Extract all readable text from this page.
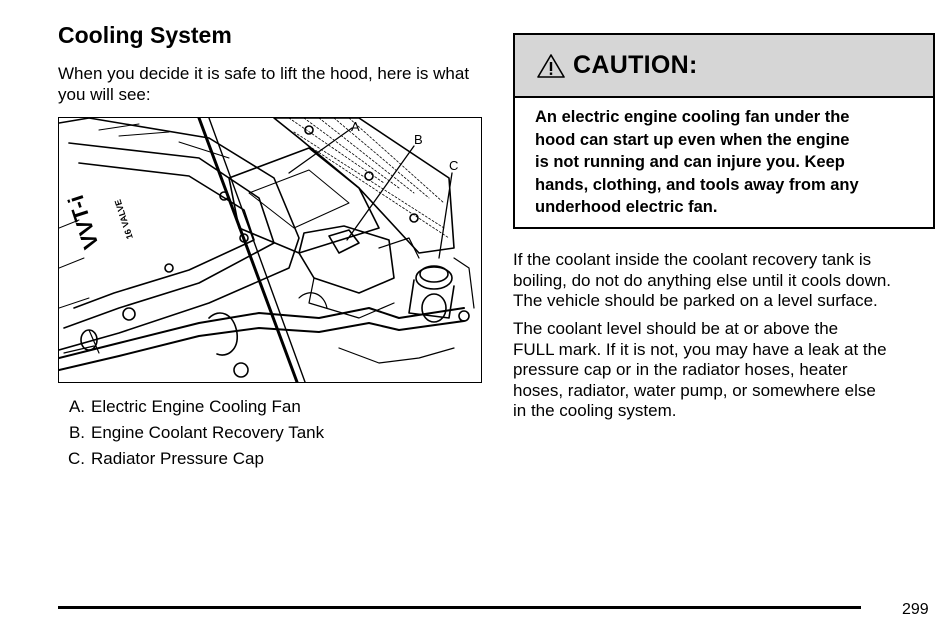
Cooling System

When you decide it is safe to lift the hood, here is what you will see:

VVT-i 16 VALVE
A
B
C
A. Electric Engine Cooling Fan
B. Engine Coolant Recovery Tank
C. Radiator Pressure Cap
CAUTION:
An electric engine cooling fan under the
hood can start up even when the engine
is not running and can injure you. Keep
hands, clothing, and tools away from any
underhood electric fan.
If the coolant inside the coolant recovery tank is
boiling, do not do anything else until it cools down.
The vehicle should be parked on a level surface.
The coolant level should be at or above the
FULL mark. If it is not, you may have a leak at the
pressure cap or in the radiator hoses, heater
hoses, radiator, water pump, or somewhere else
in the cooling system.
299
